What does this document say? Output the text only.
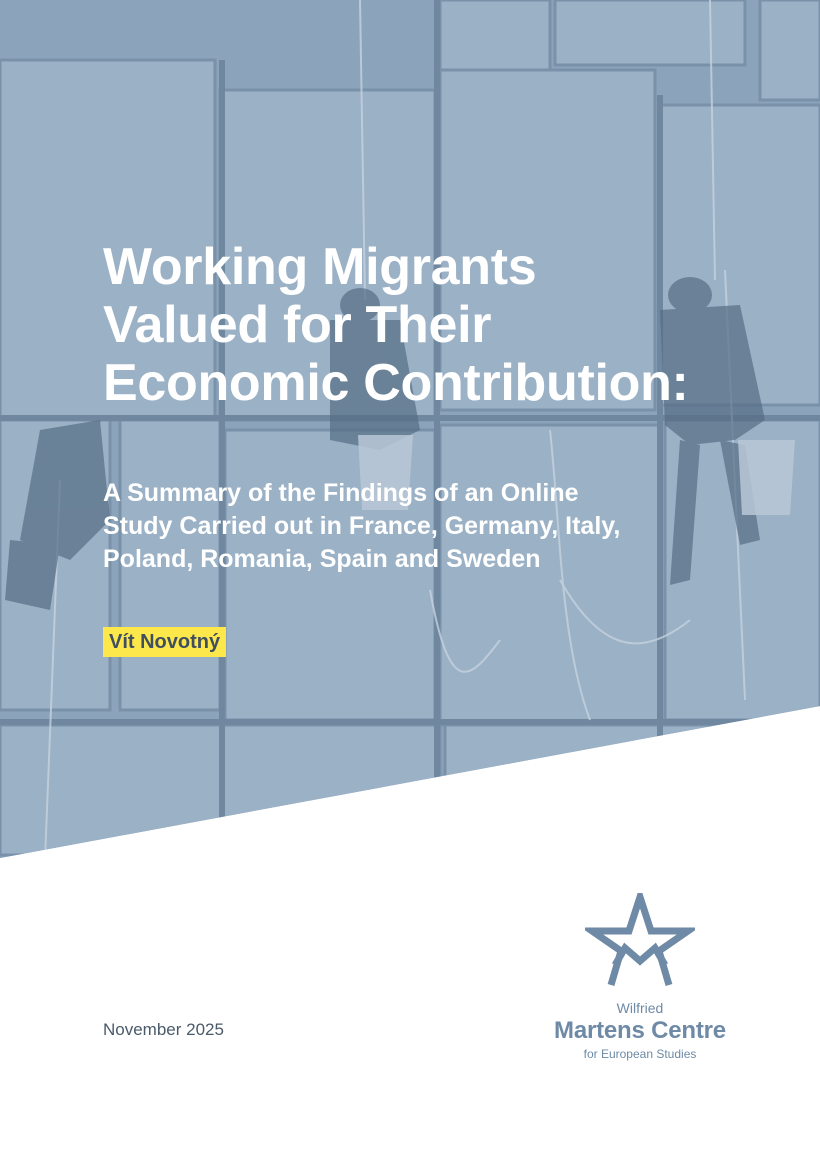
Working Migrants
Valued for Their
Economic Contribution:
A Summary of the Findings of an Online
Study Carried out in France, Germany, Italy,
Poland, Romania, Spain and Sweden
Vít Novotný
November 2025
Wilfried
Martens Centre
for European Studies
